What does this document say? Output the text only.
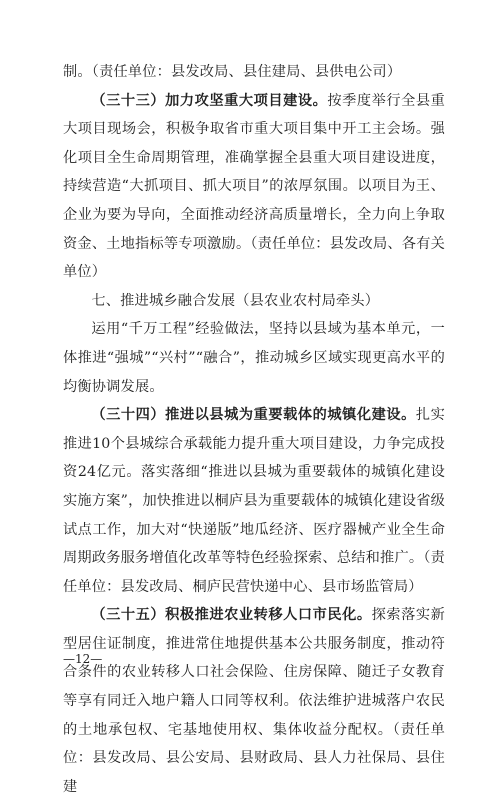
制。（责任单位：县发改局、县住建局、县供电公司）

（三十三）加力攻坚重大项目建设。按季度举行全县重大项目现场会，积极争取省市重大项目集中开工主会场。强化项目全生命周期管理，准确掌握全县重大项目建设进度，持续营造“大抓项目、抓大项目”的浓厚氛围。以项目为王、企业为要为导向，全面推动经济高质量增长，全力向上争取资金、土地指标等专项激励。（责任单位：县发改局、各有关单位）

七、推进城乡融合发展（县农业农村局牵头）

运用“千万工程”经验做法，坚持以县域为基本单元，一体推进“强城”“兴村”“融合”，推动城乡区域实现更高水平的均衡协调发展。

（三十四）推进以县城为重要载体的城镇化建设。扎实推进10个县城综合承载能力提升重大项目建设，力争完成投资24亿元。落实落细“推进以县城为重要载体的城镇化建设实施方案”，加快推进以桐庐县为重要载体的城镇化建设省级试点工作，加大对“快递版”地瓜经济、医疗器械产业全生命周期政务服务增值化改革等特色经验探索、总结和推广。（责任单位：县发改局、桐庐民营快递中心、县市场监管局）

（三十五）积极推进农业转移人口市民化。探索落实新型居住证制度，推进常住地提供基本公共服务制度，推动符合条件的农业转移人口社会保险、住房保障、随迁子女教育等享有同迁入地户籍人口同等权利。依法维护进城落户农民的土地承包权、宅基地使用权、集体收益分配权。（责任单位：县发改局、县公安局、县财政局、县人力社保局、县住建

—12—
